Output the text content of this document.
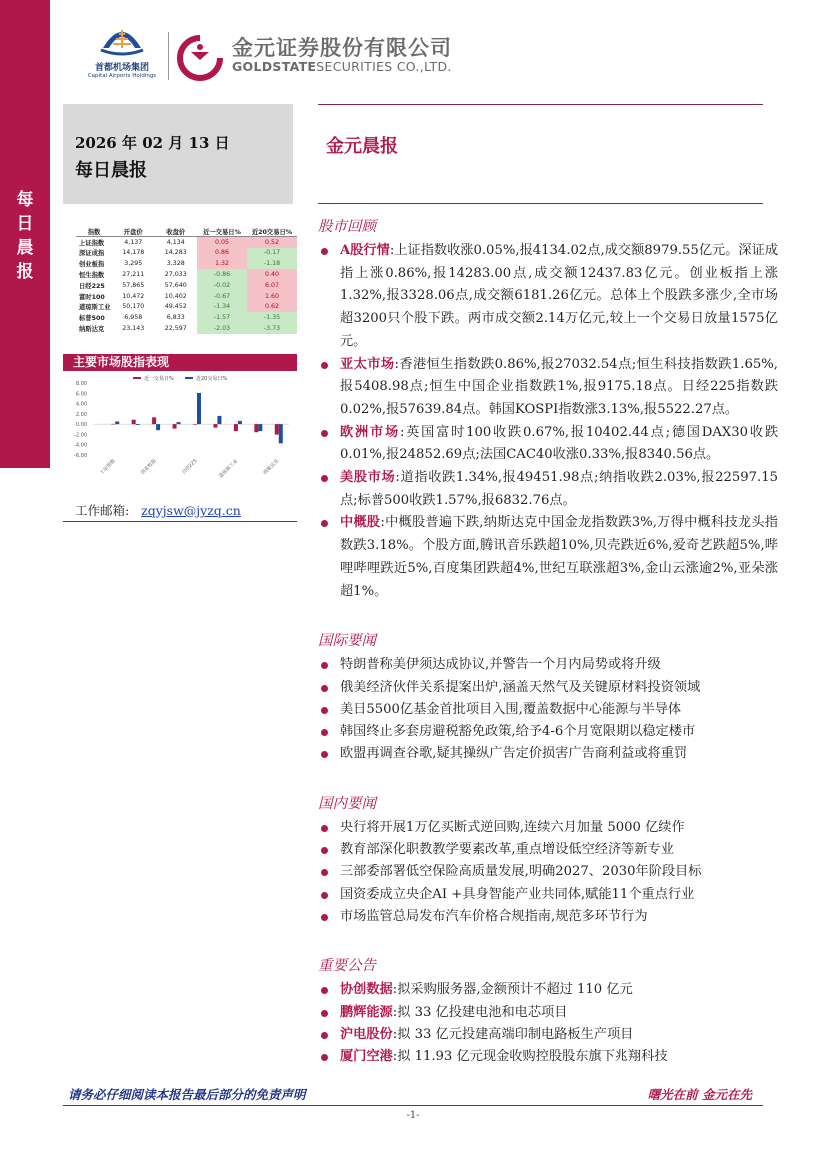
每
日
晨
报
首都机场集团
Capital Airports Holdings
金元证券股份有限公司
GOLDSTATESECURITIES CO.,LTD.
2026 年 02 月 13 日
每日晨报
金元晨报
指数	开盘价	收盘价	近一交易日%	近20交易日%
上证指数	4,137	4,134	0.05	0.52
深证成指	14,178	14,283	0.86	-0.17
创业板指	3,295	3,328	1.32	-1.18
恒生指数	27,211	27,033	-0.86	0.40
日经225	57,865	57,640	-0.02	6.07
富时100	10,472	10,402	-0.67	1.60
道琼斯工业	50,170	49,452	-1.34	0.62
标普500	6,958	6,833	-1.57	-1.35
纳斯达克	23,143	22,597	-2.03	-3.73
主要市场股指表现
近一交易日%	近20交易日%
8.00
6.00
4.00
2.00
0.00
-2.00
-4.00
-6.00
上证指数	创业板指	日经225	道琼斯工业	纳斯达克
工作邮箱: zqyjsw@jyzq.cn
股市回顾
A股行情:上证指数收涨0.05%,报4134.02点,成交额8979.55亿元。深证成指上涨0.86%,报14283.00点,成交额12437.83亿元。创业板指上涨1.32%,报3328.06点,成交额6181.26亿元。总体上个股跌多涨少,全市场超3200只个股下跌。两市成交额2.14万亿元,较上一个交易日放量1575亿元。
亚太市场:香港恒生指数跌0.86%,报27032.54点;恒生科技指数跌1.65%,报5408.98点;恒生中国企业指数跌1%,报9175.18点。日经225指数跌0.02%,报57639.84点。韩国KOSPI指数涨3.13%,报5522.27点。
欧洲市场:英国富时100收跌0.67%,报10402.44点;德国DAX30收跌0.01%,报24852.69点;法国CAC40收涨0.33%,报8340.56点。
美股市场:道指收跌1.34%,报49451.98点;纳指收跌2.03%,报22597.15点;标普500收跌1.57%,报6832.76点。
中概股:中概股普遍下跌,纳斯达克中国金龙指数跌3%,万得中概科技龙头指数跌3.18%。个股方面,腾讯音乐跌超10%,贝壳跌近6%,爱奇艺跌超5%,哔哩哔哩跌近5%,百度集团跌超4%,世纪互联涨超3%,金山云涨逾2%,亚朵涨超1%。
国际要闻
特朗普称美伊须达成协议,并警告一个月内局势或将升级
俄美经济伙伴关系提案出炉,涵盖天然气及关键原材料投资领域
美日5500亿基金首批项目入围,覆盖数据中心能源与半导体
韩国终止多套房避税豁免政策,给予4-6个月宽限期以稳定楼市
欧盟再调查谷歌,疑其操纵广告定价损害广告商利益或将重罚
国内要闻
央行将开展1万亿买断式逆回购,连续六月加量 5000 亿续作
教育部深化职教教学要素改革,重点增设低空经济等新专业
三部委部署低空保险高质量发展,明确2027、2030年阶段目标
国资委成立央企AI +具身智能产业共同体,赋能11个重点行业
市场监管总局发布汽车价格合规指南,规范多环节行为
重要公告
协创数据:拟采购服务器,金额预计不超过 110 亿元
鹏辉能源:拟 33 亿投建电池和电芯项目
沪电股份:拟 33 亿元投建高端印制电路板生产项目
厦门空港:拟 11.93 亿元现金收购控股股东旗下兆翔科技
请务必仔细阅读本报告最后部分的免责声明	曙光在前 金元在先
-1-
